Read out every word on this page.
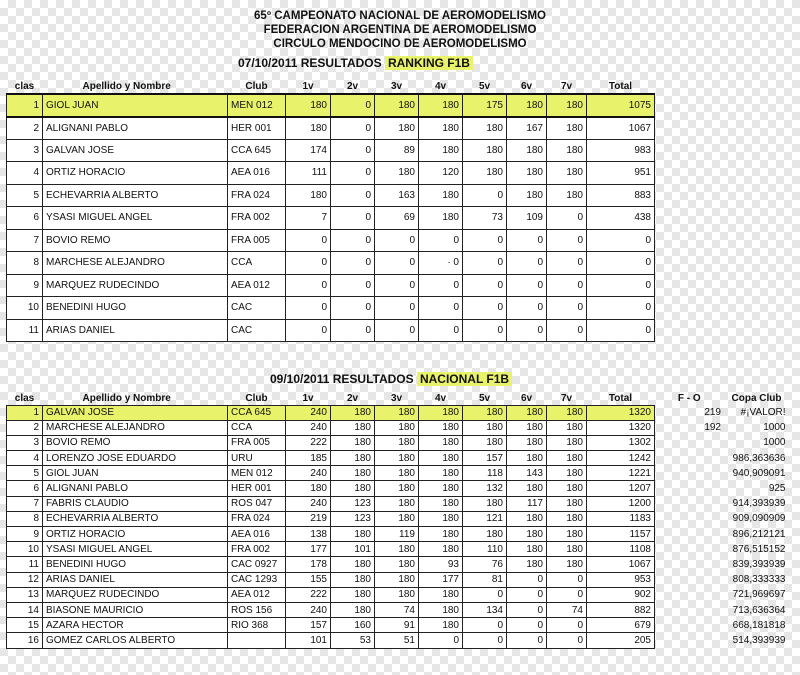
65º CAMPEONATO NACIONAL DE AEROMODELISMO
FEDERACION ARGENTINA DE AEROMODELISMO
CIRCULO MENDOCINO DE AEROMODELISMO
07/10/2011 RESULTADOS RANKING F1B
clas	Apellido y Nombre	Club	1v	2v	3v	4v	5v	6v	7v	Total
1	GIOL JUAN	MEN 012	180	0	180	180	175	180	180	1075
2	ALIGNANI PABLO	HER 001	180	0	180	180	180	167	180	1067
3	GALVAN JOSE	CCA 645	174	0	89	180	180	180	180	983
4	ORTIZ HORACIO	AEA 016	111	0	180	120	180	180	180	951
5	ECHEVARRIA ALBERTO	FRA 024	180	0	163	180	0	180	180	883
6	YSASI MIGUEL ANGEL	FRA 002	7	0	69	180	73	109	0	438
7	BOVIO REMO	FRA 005	0	0	0	0	0	0	0	0
8	MARCHESE ALEJANDRO	CCA	0	0	0	· 0	0	0	0	0
9	MARQUEZ RUDECINDO	AEA 012	0	0	0	0	0	0	0	0
10	BENEDINI HUGO	CAC	0	0	0	0	0	0	0	0
11	ARIAS DANIEL	CAC	0	0	0	0	0	0	0	0
09/10/2011 RESULTADOS NACIONAL F1B
clas	Apellido y Nombre	Club	1v	2v	3v	4v	5v	6v	7v	Total	F - O	Copa Club
1	GALVAN JOSE	CCA 645	240	180	180	180	180	180	180	1320	219	#¡VALOR!
2	MARCHESE ALEJANDRO	CCA	240	180	180	180	180	180	180	1320	192	1000
3	BOVIO REMO	FRA 005	222	180	180	180	180	180	180	1302		1000
4	LORENZO JOSE EDUARDO	URU	185	180	180	180	157	180	180	1242		986,363636
5	GIOL JUAN	MEN 012	240	180	180	180	118	143	180	1221		940,909091
6	ALIGNANI PABLO	HER 001	180	180	180	180	132	180	180	1207		925
7	FABRIS CLAUDIO	ROS 047	240	123	180	180	180	117	180	1200		914,393939
8	ECHEVARRIA ALBERTO	FRA 024	219	123	180	180	121	180	180	1183		909,090909
9	ORTIZ HORACIO	AEA 016	138	180	119	180	180	180	180	1157		896,212121
10	YSASI MIGUEL ANGEL	FRA 002	177	101	180	180	110	180	180	1108		876,515152
11	BENEDINI HUGO	CAC 0927	178	180	180	93	76	180	180	1067		839,393939
12	ARIAS DANIEL	CAC 1293	155	180	180	177	81	0	0	953		808,333333
13	MARQUEZ RUDECINDO	AEA 012	222	180	180	180	0	0	0	902		721,969697
14	BIASONE MAURICIO	ROS 156	240	180	74	180	134	0	74	882		713,636364
15	AZARA HECTOR	RIO 368	157	160	91	180	0	0	0	679		668,181818
16	GOMEZ CARLOS ALBERTO		101	53	51	0	0	0	0	205		514,393939
